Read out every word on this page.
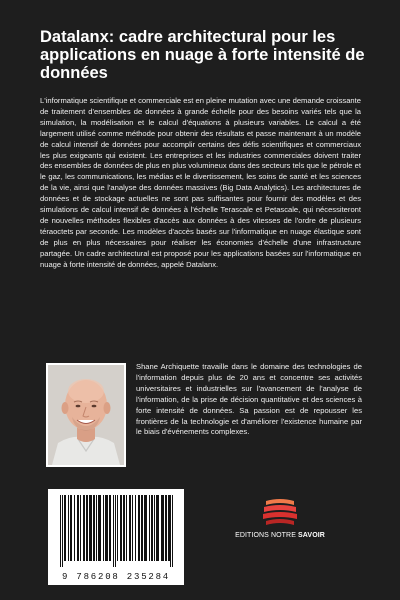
Datalanx: cadre architectural pour les applications en nuage à forte intensité de données

L'informatique scientifique et commerciale est en pleine mutation avec une demande croissante de traitement d'ensembles de données à grande échelle pour des besoins variés tels que la simulation, la modélisation et le calcul d'équations à plusieurs variables. Le calcul a été largement utilisé comme méthode pour obtenir des résultats et passe maintenant à un modèle de calcul intensif de données pour accomplir certains des défis scientifiques et commerciaux les plus exigeants qui existent. Les entreprises et les industries commerciales doivent traiter des ensembles de données de plus en plus volumineux dans des secteurs tels que le pétrole et le gaz, les communications, les médias et le divertissement, les soins de santé et les sciences de la vie, ainsi que l'analyse des données massives (Big Data Analytics). Les architectures de données et de stockage actuelles ne sont pas suffisantes pour fournir des modèles et des simulations de calcul intensif de données à l'échelle Terascale et Petascale, qui nécessiteront de nouvelles méthodes flexibles d'accès aux données à des vitesses de l'ordre de plusieurs téraoctets par seconde. Les modèles d'accès basés sur l'informatique en nuage élastique sont de plus en plus nécessaires pour réaliser les économies d'échelle d'une infrastructure partagée. Un cadre architectural est proposé pour les applications basées sur l'informatique en nuage à forte intensité de données, appelé Datalanx.

Shane Archiquette travaille dans le domaine des technologies de l'information depuis plus de 20 ans et concentre ses activités universitaires et industrielles sur l'avancement de l'analyse de l'information, de la prise de décision quantitative et des sciences à forte intensité de données. Sa passion est de repousser les frontières de la technologie et d'améliorer l'existence humaine par le biais d'événements complexes.

9 786208 235284
EDITIONS NOTRE SAVOIR
